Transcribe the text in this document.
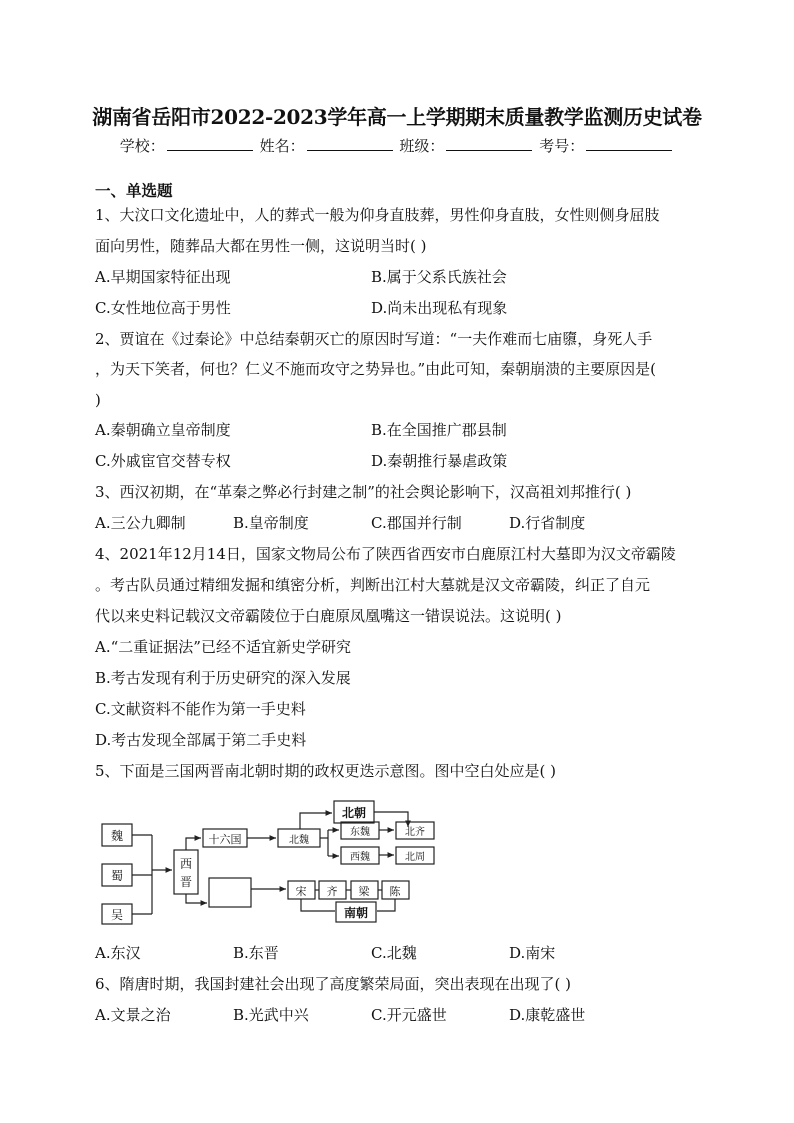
湖南省岳阳市2022-2023学年高一上学期期末质量教学监测历史试卷
学校：	姓名：	班级：	考号：
一、单选题
1、大汶口文化遗址中，人的葬式一般为仰身直肢葬，男性仰身直肢，女性则侧身屈肢
面向男性，随葬品大都在男性一侧，这说明当时( )
A.早期国家特征出现	B.属于父系氏族社会
C.女性地位高于男性	D.尚未出现私有现象
2、贾谊在《过秦论》中总结秦朝灭亡的原因时写道：“一夫作难而七庙隳，身死人手
，为天下笑者，何也？仁义不施而攻守之势异也。”由此可知，秦朝崩溃的主要原因是(
)
A.秦朝确立皇帝制度	B.在全国推广郡县制
C.外戚宦官交替专权	D.秦朝推行暴虐政策
3、西汉初期，在“革秦之弊必行封建之制”的社会舆论影响下，汉高祖刘邦推行( )
A.三公九卿制	B.皇帝制度	C.郡国并行制	D.行省制度
4、2021年12月14日，国家文物局公布了陕西省西安市白鹿原江村大墓即为汉文帝霸陵
。考古队员通过精细发掘和缜密分析，判断出江村大墓就是汉文帝霸陵，纠正了自元
代以来史料记载汉文帝霸陵位于白鹿原凤凰嘴这一错误说法。这说明( )
A.“二重证据法”已经不适宜新史学研究
B.考古发现有利于历史研究的深入发展
C.文献资料不能作为第一手史料
D.考古发现全部属于第二手史料
5、下面是三国两晋南北朝时期的政权更迭示意图。图中空白处应是( )
魏
蜀
吴
西
晋
十六国	北魏
北朝
东魏
西魏
北齐
北周
宋 齐 梁 陈
南朝
A.东汉	B.东晋	C.北魏	D.南宋
6、隋唐时期，我国封建社会出现了高度繁荣局面，突出表现在出现了( )
A.文景之治	B.光武中兴	C.开元盛世	D.康乾盛世
